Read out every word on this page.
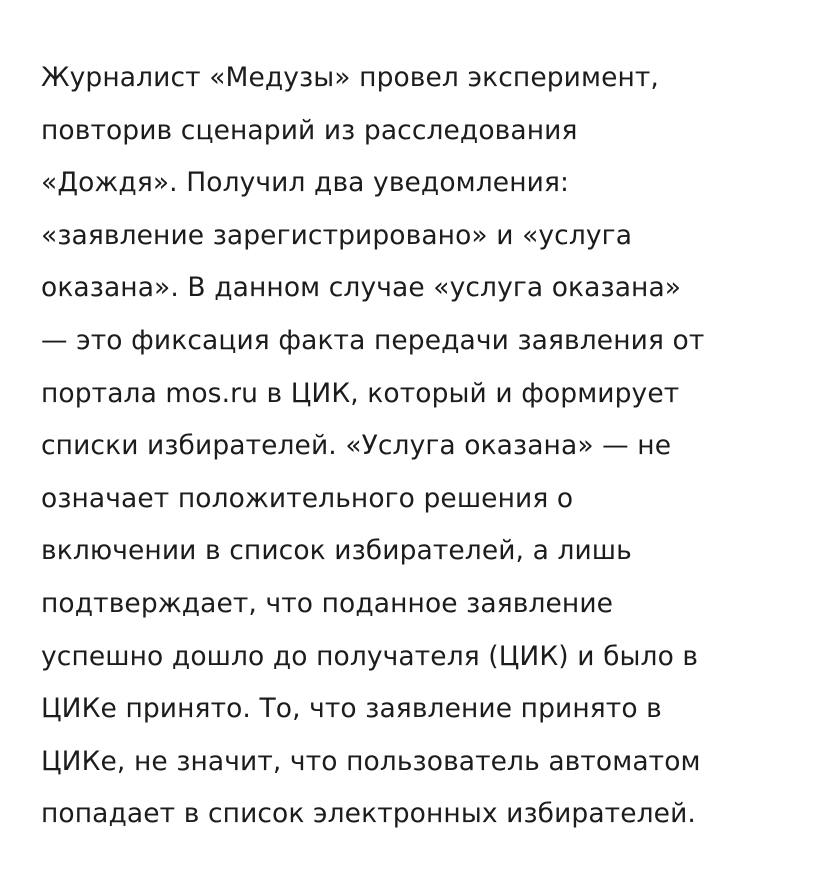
Журналист «Медузы» провел эксперимент,
повторив сценарий из расследования
«Дождя». Получил два уведомления:
«заявление зарегистрировано» и «услуга
оказана». В данном случае «услуга оказана»
— это фиксация факта передачи заявления от
портала mos.ru в ЦИК, который и формирует
списки избирателей. «Услуга оказана» — не
означает положительного решения о
включении в список избирателей, а лишь
подтверждает, что поданное заявление
успешно дошло до получателя (ЦИК) и было в
ЦИКе принято. То, что заявление принято в
ЦИКе, не значит, что пользователь автоматом
попадает в список электронных избирателей.
